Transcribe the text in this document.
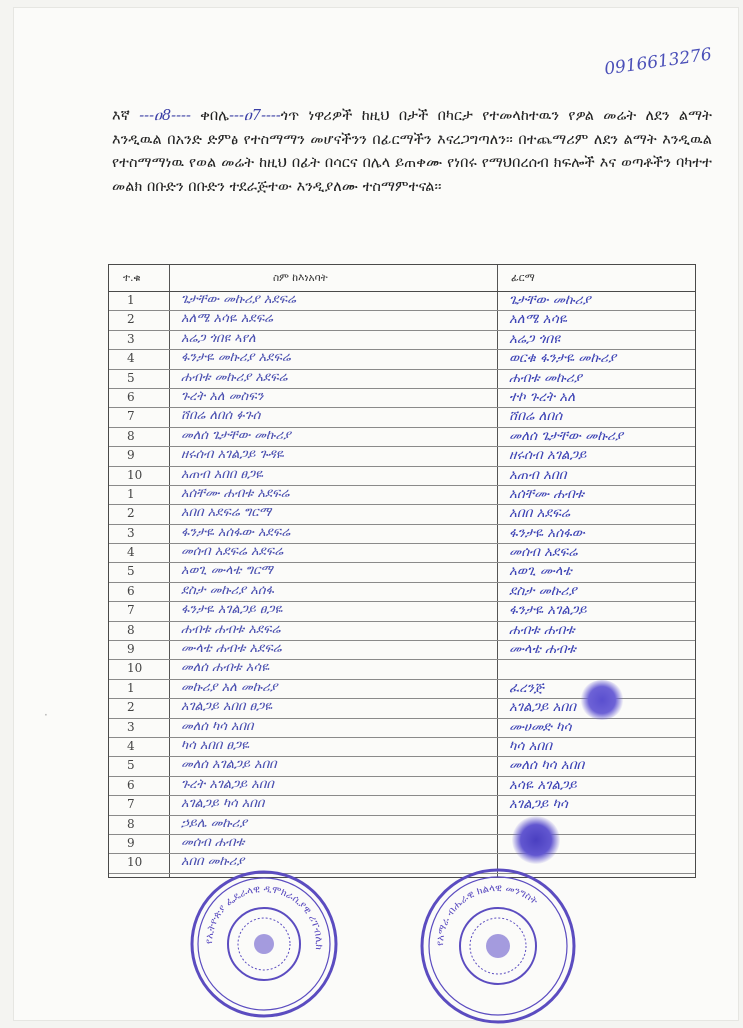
0916613276
እኛ ---ዐ8---- ቀበሌ---ዐ7----ጎጥ ነዋሪዎች ከዚህ በታች በካርታ የተመላከተዉን የዎል መሬት ለደን ልማት እንዲዉል በአንድ ድምፅ የተስማማን መሆናችንን በፊርማችን እናረጋግጣለን፡፡ በተጨማሪም ለደን ልማት እንዲዉል የተስማማነዉ የወል መሬት ከዚህ በፊት በሳርና በሌላ ይጠቀሙ የነበሩ የማህበረሰብ ክፍሎች እና ወጣቶችን ባካተተ መልክ በቡድን በቡድን ተደራጅተው እንዲያለሙ ተስማምተናል፡፡
ተ.ቁ	ስም ከእነአባት	ፊርማ
1	ጌታቸው መኩሪያ አደፍሬ	ጌታቸው መኩሪያ
2	አለሜ አሳዬ አደፍሬ	አለሜ አሳዬ
3	አሬጋ ጎበዩ ኣየለ	አሬጋ ጎበዩ
4	ፋንታዬ መኩሪያ አደፍሬ	ወርቁ ፋንታዬ መኩሪያ
5	ሐብቱ መኩሪያ አደፍሬ	ሐብቱ መኩሪያ
6	ጉረት አለ መስፍን	ተኮ ጉረት አለ
7	ሸበሬ ለበሰ ፉጉሰ	ሸበሬ ለበሰ
8	መለሰ ጌታቸው መኩሪያ	መለሰ ጌታቸው መኩሪያ
9	ዘሩሰብ አገልጋይ ጉዳዬ	ዘሩሰብ አገልጋይ
10	አጠብ አበበ ፀጋዬ	አጠብ አበበ
1	አሰቸሙ ሐብቱ አደፍሬ	አሰቸሙ ሐብቱ
2	አበበ አደፍሬ ግርማ	አበበ አደፍሬ
3	ፋንታዬ አሰፋው አደፍሬ	ፋንታዬ አሰፋው
4	መሰብ አደፍሬ አደፍሬ	መሰብ አደፍሬ
5	አወጊ ሙላቴ ግርማ	አወጊ ሙላቴ
6	ደስታ መኩሪያ አሰፋ	ደስታ መኩሪያ
7	ፋንታዬ አገልጋይ ፀጋዬ	ፋንታዬ አገልጋይ
8	ሐብቱ ሐብቱ አደፍሬ	ሐብቱ ሐብቱ
9	ሙላቴ ሐብቱ አደፍሬ	ሙላቴ ሐብቱ
10	መለሰ ሐብቱ አሳዬ
1	መኩሪያ አለ መኩሪያ	ፈረንጅ
2	አገልጋይ አበበ ፀጋዬ	አገልጋይ አበበ
3	መለሰ ካሳ አበበ	ሙሀመድ ካሳ
4	ካሳ አበበ ፀጋዬ	ካሳ አበበ
5	መለሰ አገልጋይ አበበ	መለሰ ካሳ አበበ
6	ጉረት አገልጋይ አበበ	አሳዬ አገልጋይ
7	አገልጋይ ካሳ አበበ	አገልጋይ ካሳ
8	ኃይሌ መኩሪያ
9	መሰብ ሐብቱ
10	አበበ መኩሪያ
የኢትዮጵያ ፌዴራላዊ ዲሞክራሲያዊ ሪፐብሊክ
የአማራ ብሔራዊ ክልላዊ መንግስት
·
